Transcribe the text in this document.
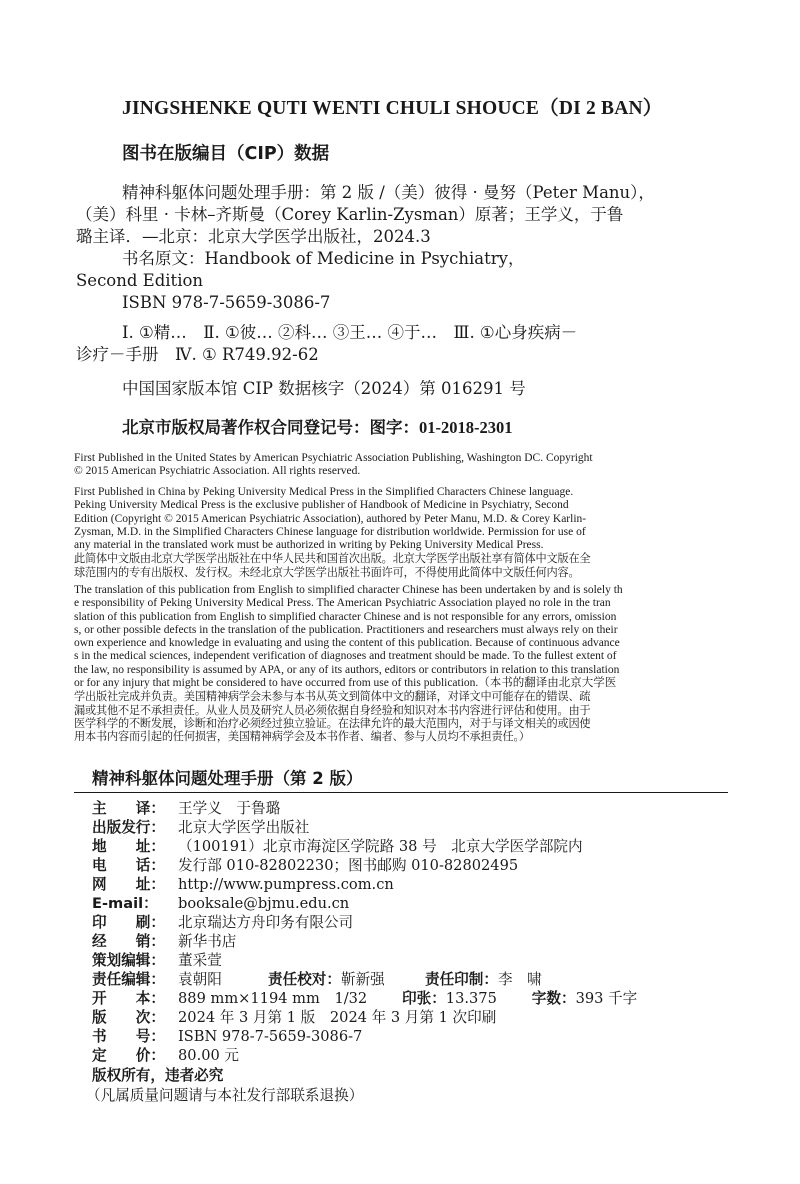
JINGSHENKE QUTI WENTI CHULI SHOUCE（DI 2 BAN）
图书在版编目（CIP）数据
精神科躯体问题处理手册：第 2 版 /（美）彼得 · 曼努（Peter Manu），
（美）科里 · 卡林–齐斯曼（Corey Karlin-Zysman）原著；王学义，于鲁
璐主译．—北京：北京大学医学出版社，2024.3
书名原文：Handbook of Medicine in Psychiatry，
Second Edition
ISBN 978-7-5659-3086-7
Ⅰ. ①精…　Ⅱ. ①彼… ②科… ③王… ④于…　Ⅲ. ①心身疾病－
诊疗－手册　Ⅳ. ① R749.92-62
中国国家版本馆 CIP 数据核字（2024）第 016291 号
北京市版权局著作权合同登记号：图字：01-2018-2301
First Published in the United States by American Psychiatric Association Publishing, Washington DC. Copyright
© 2015 American Psychiatric Association. All rights reserved.
First Published in China by Peking University Medical Press in the Simplified Characters Chinese language.
Peking University Medical Press is the exclusive publisher of Handbook of Medicine in Psychiatry, Second
Edition (Copyright © 2015 American Psychiatric Association), authored by Peter Manu, M.D. & Corey Karlin-
Zysman, M.D. in the Simplified Characters Chinese language for distribution worldwide. Permission for use of
any material in the translated work must be authorized in writing by Peking University Medical Press.
此简体中文版由北京大学医学出版社在中华人民共和国首次出版。北京大学医学出版社享有简体中文版在全
球范围内的专有出版权、发行权。未经北京大学医学出版社书面许可，不得使用此简体中文版任何内容。
The translation of this publication from English to simplified character Chinese has been undertaken by and is solely th
e responsibility of Peking University Medical Press. The American Psychiatric Association played no role in the tran
slation of this publication from English to simplified character Chinese and is not responsible for any errors, omission
s, or other possible defects in the translation of the publication. Practitioners and researchers must always rely on their
own experience and knowledge in evaluating and using the content of this publication. Because of continuous advance
s in the medical sciences, independent verification of diagnoses and treatment should be made. To the fullest extent of
the law, no responsibility is assumed by APA, or any of its authors, editors or contributors in relation to this translation
or for any injury that might be considered to have occurred from use of this publication.（本书的翻译由北京大学医
学出版社完成并负责。美国精神病学会未参与本书从英文到简体中文的翻译，对译文中可能存在的错误、疏
漏或其他不足不承担责任。从业人员及研究人员必须依据自身经验和知识对本书内容进行评估和使用。由于
医学科学的不断发展，诊断和治疗必须经过独立验证。在法律允许的最大范围内，对于与译文相关的或因使
用本书内容而引起的任何损害，美国精神病学会及本书作者、编者、参与人员均不承担责任。）
精神科躯体问题处理手册（第 2 版）
主　　译： 王学义　于鲁璐
出版发行： 北京大学医学出版社
地　　址： （100191）北京市海淀区学院路 38 号　北京大学医学部院内
电　　话： 发行部 010-82802230；图书邮购 010-82802495
网　　址： http://www.pumpress.com.cn
E-mail： booksale@bjmu.edu.cn
印　　刷： 北京瑞达方舟印务有限公司
经　　销： 新华书店
策划编辑： 董采萱
责任编辑： 袁朝阳	责任校对：靳新强	责任印制：李　啸
开　　本： 889 mm×1194 mm　1/32 印张：13.375 字数：393 千字
版　　次： 2024 年 3 月第 1 版　2024 年 3 月第 1 次印刷
书　　号： ISBN 978-7-5659-3086-7
定　　价： 80.00 元
版权所有，违者必究
（凡属质量问题请与本社发行部联系退换）
